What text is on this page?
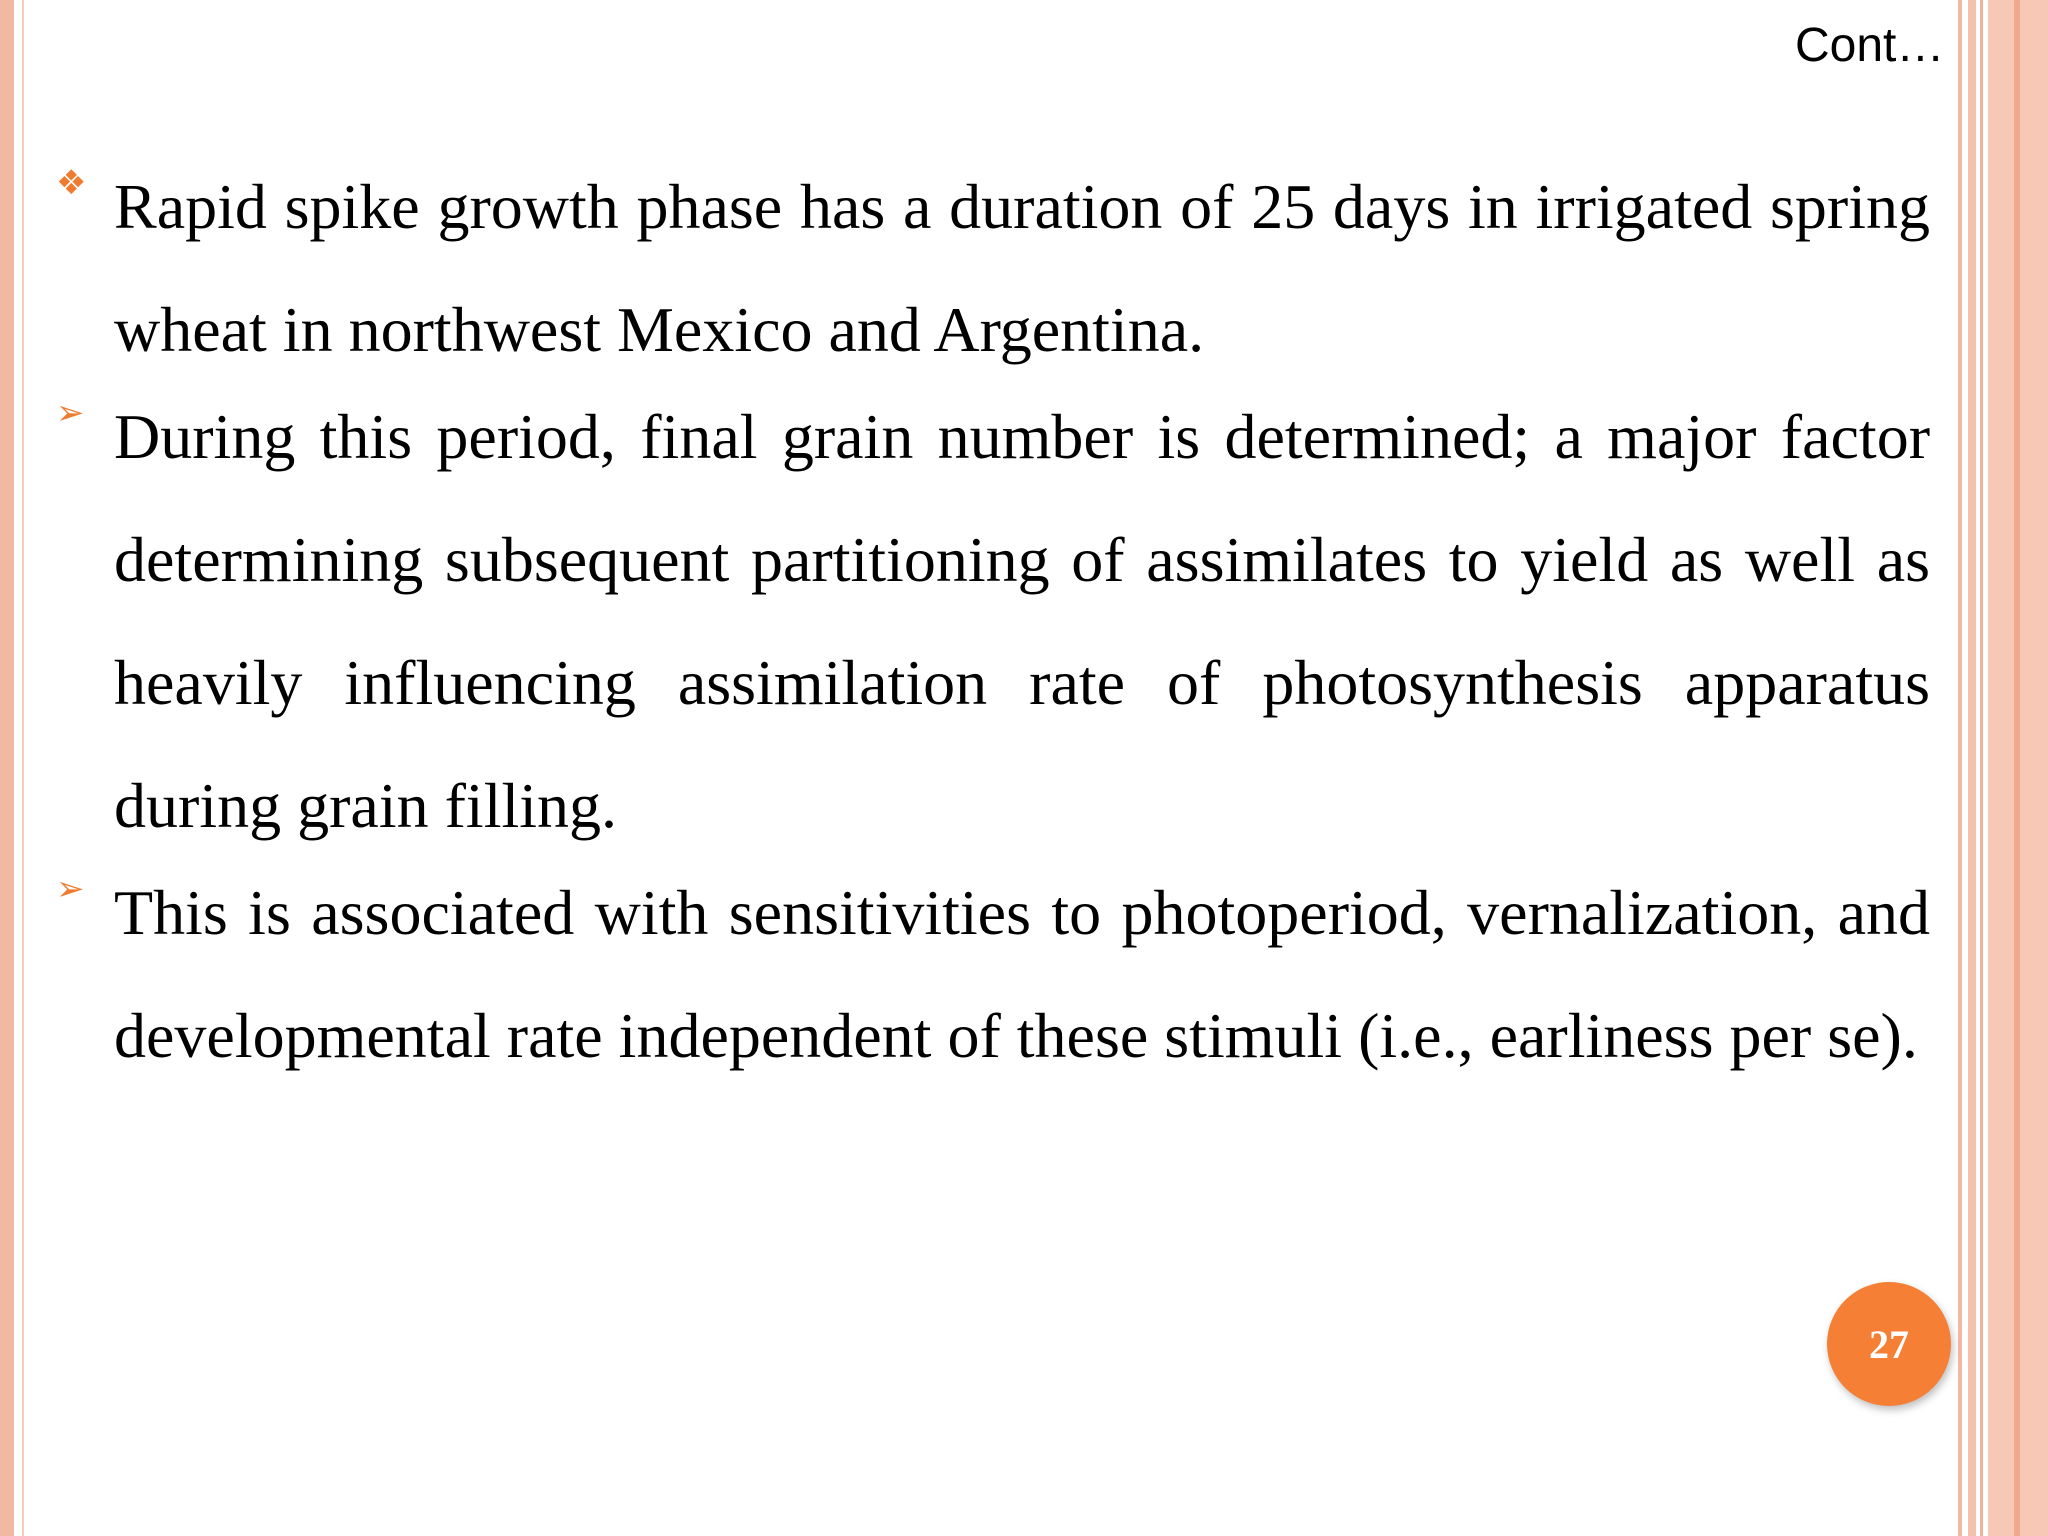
Cont…
❖ Rapid spike growth phase has a duration of 25 days in irrigated spring wheat in northwest Mexico and Argentina.
➢ During this period, final grain number is determined; a major factor determining subsequent partitioning of assimilates to yield as well as heavily influencing assimilation rate of photosynthesis apparatus during grain filling.
➢ This is associated with sensitivities to photoperiod, vernalization, and developmental rate independent of these stimuli (i.e., earliness per se).
27
